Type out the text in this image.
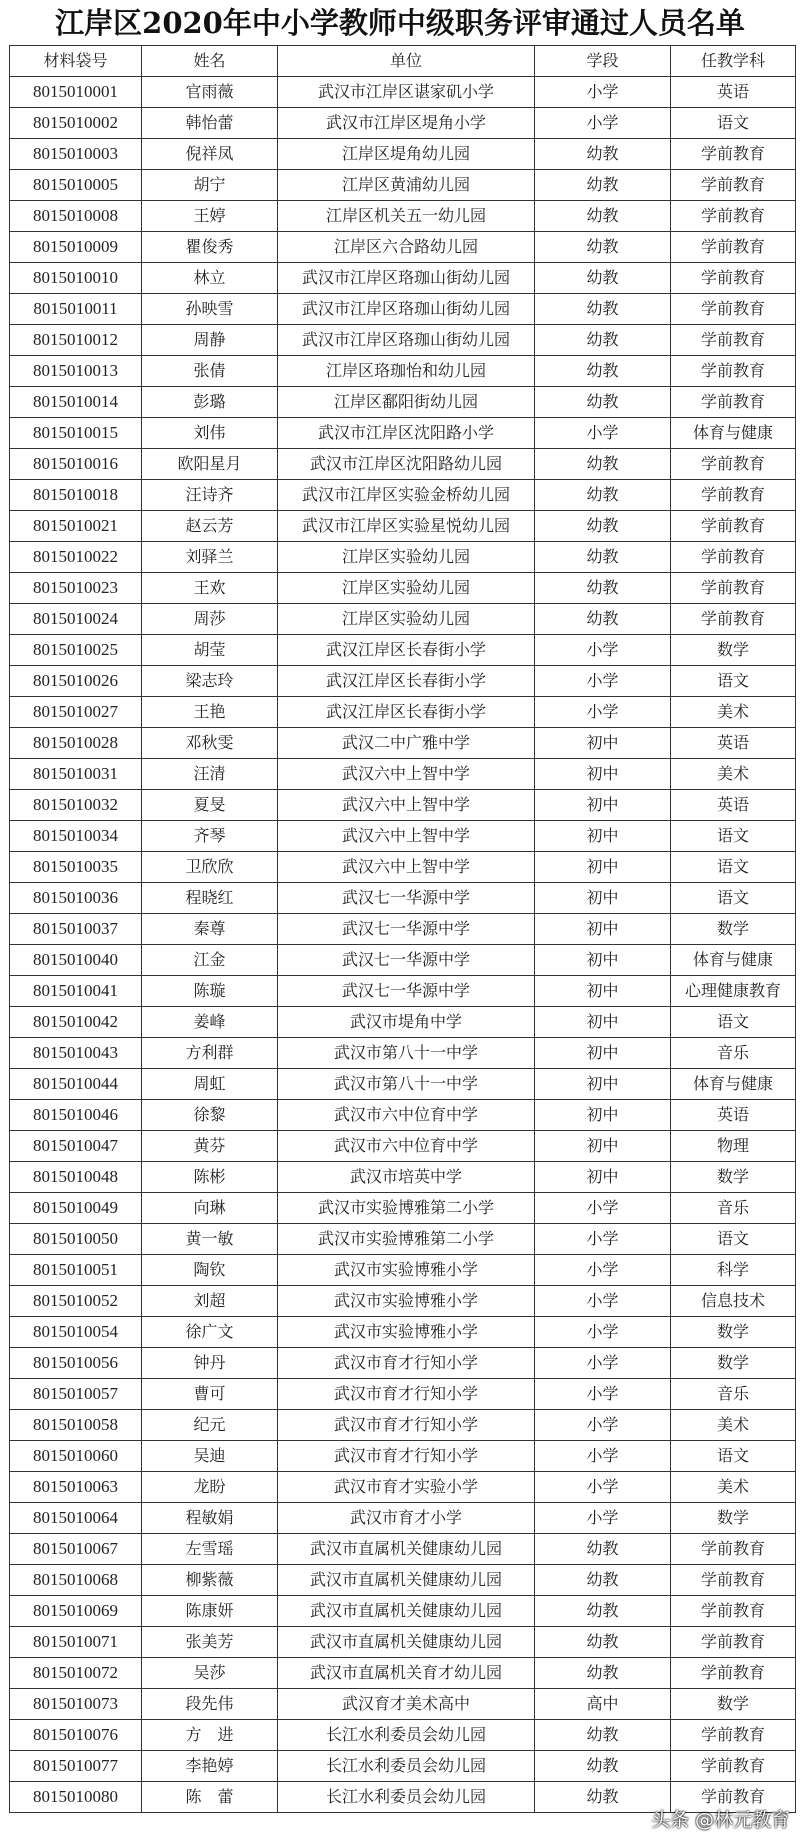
江岸区2020年中小学教师中级职务评审通过人员名单
材料袋号	姓名	单位	学段	任教学科
8015010001	官雨薇	武汉市江岸区谌家矶小学	小学	英语
8015010002	韩怡蕾	武汉市江岸区堤角小学	小学	语文
8015010003	倪祥凤	江岸区堤角幼儿园	幼教	学前教育
8015010005	胡宁	江岸区黄浦幼儿园	幼教	学前教育
8015010008	王婷	江岸区机关五一幼儿园	幼教	学前教育
8015010009	瞿俊秀	江岸区六合路幼儿园	幼教	学前教育
8015010010	林立	武汉市江岸区珞珈山街幼儿园	幼教	学前教育
8015010011	孙映雪	武汉市江岸区珞珈山街幼儿园	幼教	学前教育
8015010012	周静	武汉市江岸区珞珈山街幼儿园	幼教	学前教育
8015010013	张倩	江岸区珞珈怡和幼儿园	幼教	学前教育
8015010014	彭璐	江岸区鄱阳街幼儿园	幼教	学前教育
8015010015	刘伟	武汉市江岸区沈阳路小学	小学	体育与健康
8015010016	欧阳星月	武汉市江岸区沈阳路幼儿园	幼教	学前教育
8015010018	汪诗齐	武汉市江岸区实验金桥幼儿园	幼教	学前教育
8015010021	赵云芳	武汉市江岸区实验星悦幼儿园	幼教	学前教育
8015010022	刘驿兰	江岸区实验幼儿园	幼教	学前教育
8015010023	王欢	江岸区实验幼儿园	幼教	学前教育
8015010024	周莎	江岸区实验幼儿园	幼教	学前教育
8015010025	胡莹	武汉江岸区长春街小学	小学	数学
8015010026	梁志玲	武汉江岸区长春街小学	小学	语文
8015010027	王艳	武汉江岸区长春街小学	小学	美术
8015010028	邓秋雯	武汉二中广雅中学	初中	英语
8015010031	汪清	武汉六中上智中学	初中	美术
8015010032	夏旻	武汉六中上智中学	初中	英语
8015010034	齐琴	武汉六中上智中学	初中	语文
8015010035	卫欣欣	武汉六中上智中学	初中	语文
8015010036	程晓红	武汉七一华源中学	初中	语文
8015010037	秦尊	武汉七一华源中学	初中	数学
8015010040	江金	武汉七一华源中学	初中	体育与健康
8015010041	陈璇	武汉七一华源中学	初中	心理健康教育
8015010042	姜峰	武汉市堤角中学	初中	语文
8015010043	方利群	武汉市第八十一中学	初中	音乐
8015010044	周虹	武汉市第八十一中学	初中	体育与健康
8015010046	徐黎	武汉市六中位育中学	初中	英语
8015010047	黄芬	武汉市六中位育中学	初中	物理
8015010048	陈彬	武汉市培英中学	初中	数学
8015010049	向琳	武汉市实验博雅第二小学	小学	音乐
8015010050	黄一敏	武汉市实验博雅第二小学	小学	语文
8015010051	陶钦	武汉市实验博雅小学	小学	科学
8015010052	刘超	武汉市实验博雅小学	小学	信息技术
8015010054	徐广文	武汉市实验博雅小学	小学	数学
8015010056	钟丹	武汉市育才行知小学	小学	数学
8015010057	曹可	武汉市育才行知小学	小学	音乐
8015010058	纪元	武汉市育才行知小学	小学	美术
8015010060	吴迪	武汉市育才行知小学	小学	语文
8015010063	龙盼	武汉市育才实验小学	小学	美术
8015010064	程敏娟	武汉市育才小学	小学	数学
8015010067	左雪瑶	武汉市直属机关健康幼儿园	幼教	学前教育
8015010068	柳紫薇	武汉市直属机关健康幼儿园	幼教	学前教育
8015010069	陈康妍	武汉市直属机关健康幼儿园	幼教	学前教育
8015010071	张美芳	武汉市直属机关健康幼儿园	幼教	学前教育
8015010072	吴莎	武汉市直属机关育才幼儿园	幼教	学前教育
8015010073	段先伟	武汉育才美术高中	高中	数学
8015010076	方　进	长江水利委员会幼儿园	幼教	学前教育
8015010077	李艳婷	长江水利委员会幼儿园	幼教	学前教育
8015010080	陈　蕾	长江水利委员会幼儿园	幼教	学前教育
头条 @林元教育
